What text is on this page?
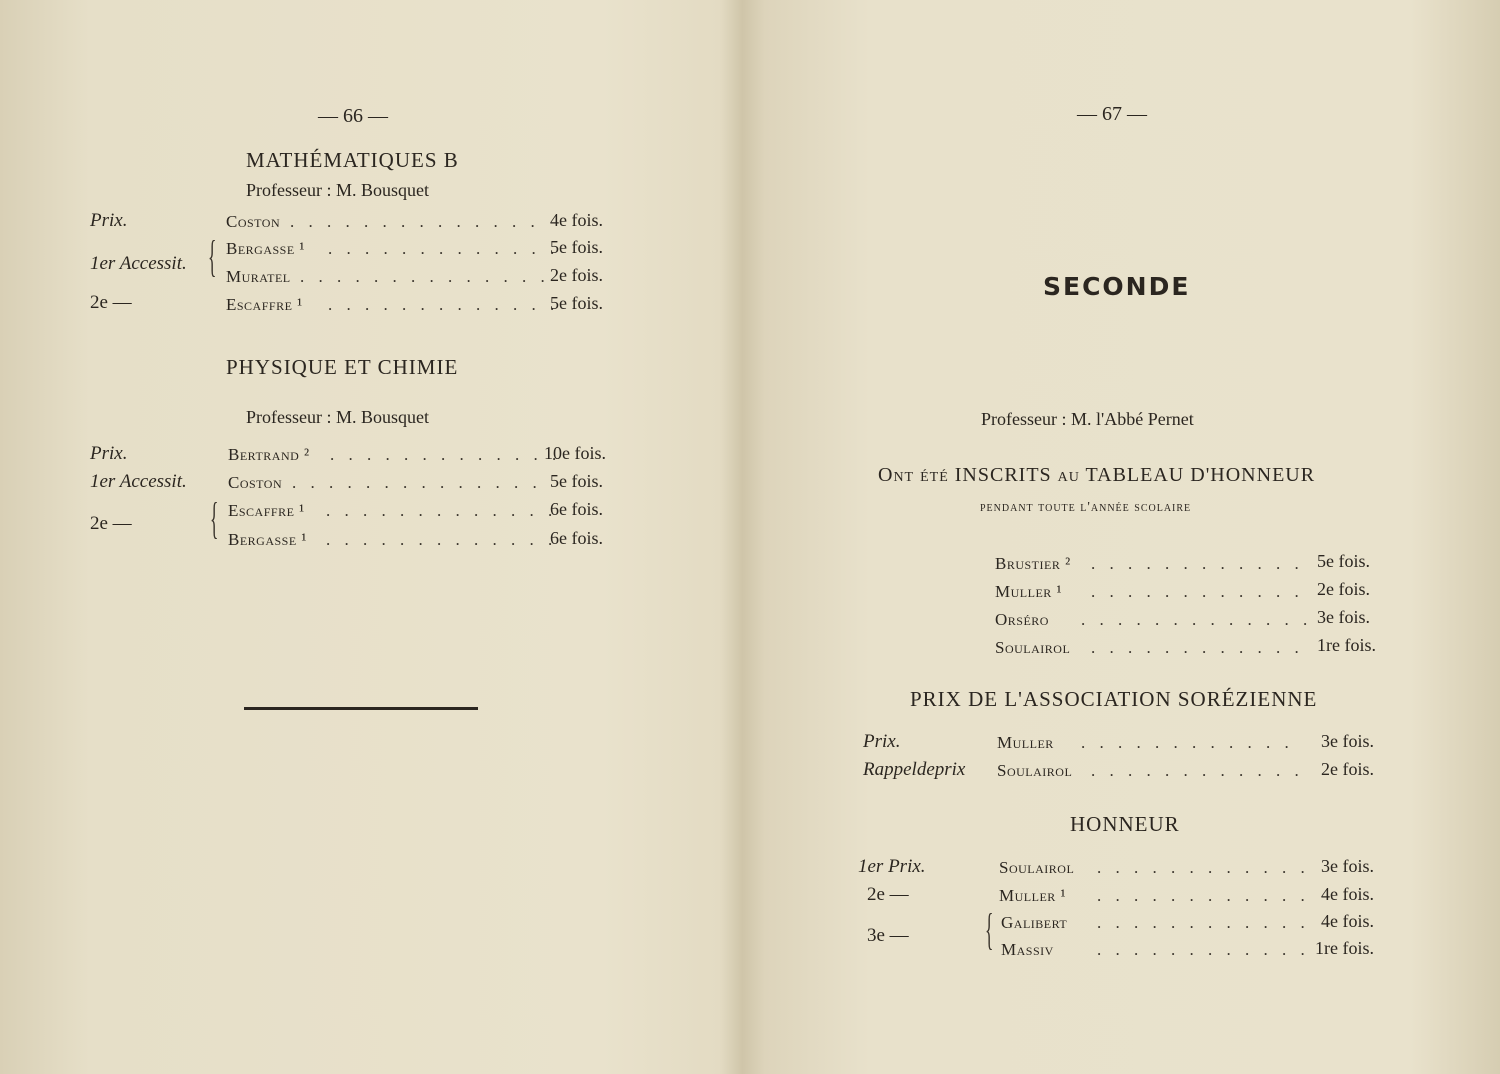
— 66 —
MATHÉMATIQUES B
Professeur : M. Bousquet
Prix.
1er Accessit.
2e —
{
Coston . . . . . . . . . . . . . . 4e fois.
Bergasse ¹ . . . . . . . . . . . . .
5e fois.
Muratel . . . . . . . . . . . . . . 2e fois.
Escaffre ¹ . . . . . . . . . . . . .
5e fois.
PHYSIQUE ET CHIMIE
Professeur : M. Bousquet
Prix.
1er Accessit.
2e — {
Bertrand ² . . . . . . . . . . . . .
10e fois.
Coston . . . . . . . . . . . . . . 5e fois.
Escaffre ¹ . . . . . . . . . . . . .
6e fois.
Bergasse ¹ . . . . . . . . . . . . .
6e fois.
— 67 —
SECONDE
Professeur : M. l'Abbé Pernet
Ont été INSCRITS au TABLEAU D'HONNEUR
pendant toute l'année scolaire
Brustier ² . . . . . . . . . . . . 5e fois.
Muller ¹ . . . . . . . . . . . . 2e fois.
Orséro . . . . . . . . . . . . . 3e fois.
Soulairol . . . . . . . . . . . . 1re fois.
PRIX DE L'ASSOCIATION SORÉZIENNE
Prix.	Muller . . . . . . . . . . . . 3e fois.
Rappeldeprix Soulairol . . . . . . . . . . . . 2e fois.
HONNEUR
1er Prix.
2e —
3e — {
Soulairol . . . . . . . . . . . . 3e fois.
Muller ¹ . . . . . . . . . . . . 4e fois.
Galibert . . . . . . . . . . . . 4e fois.
Massiv	. . . . . . . . . . . . 1re fois.
